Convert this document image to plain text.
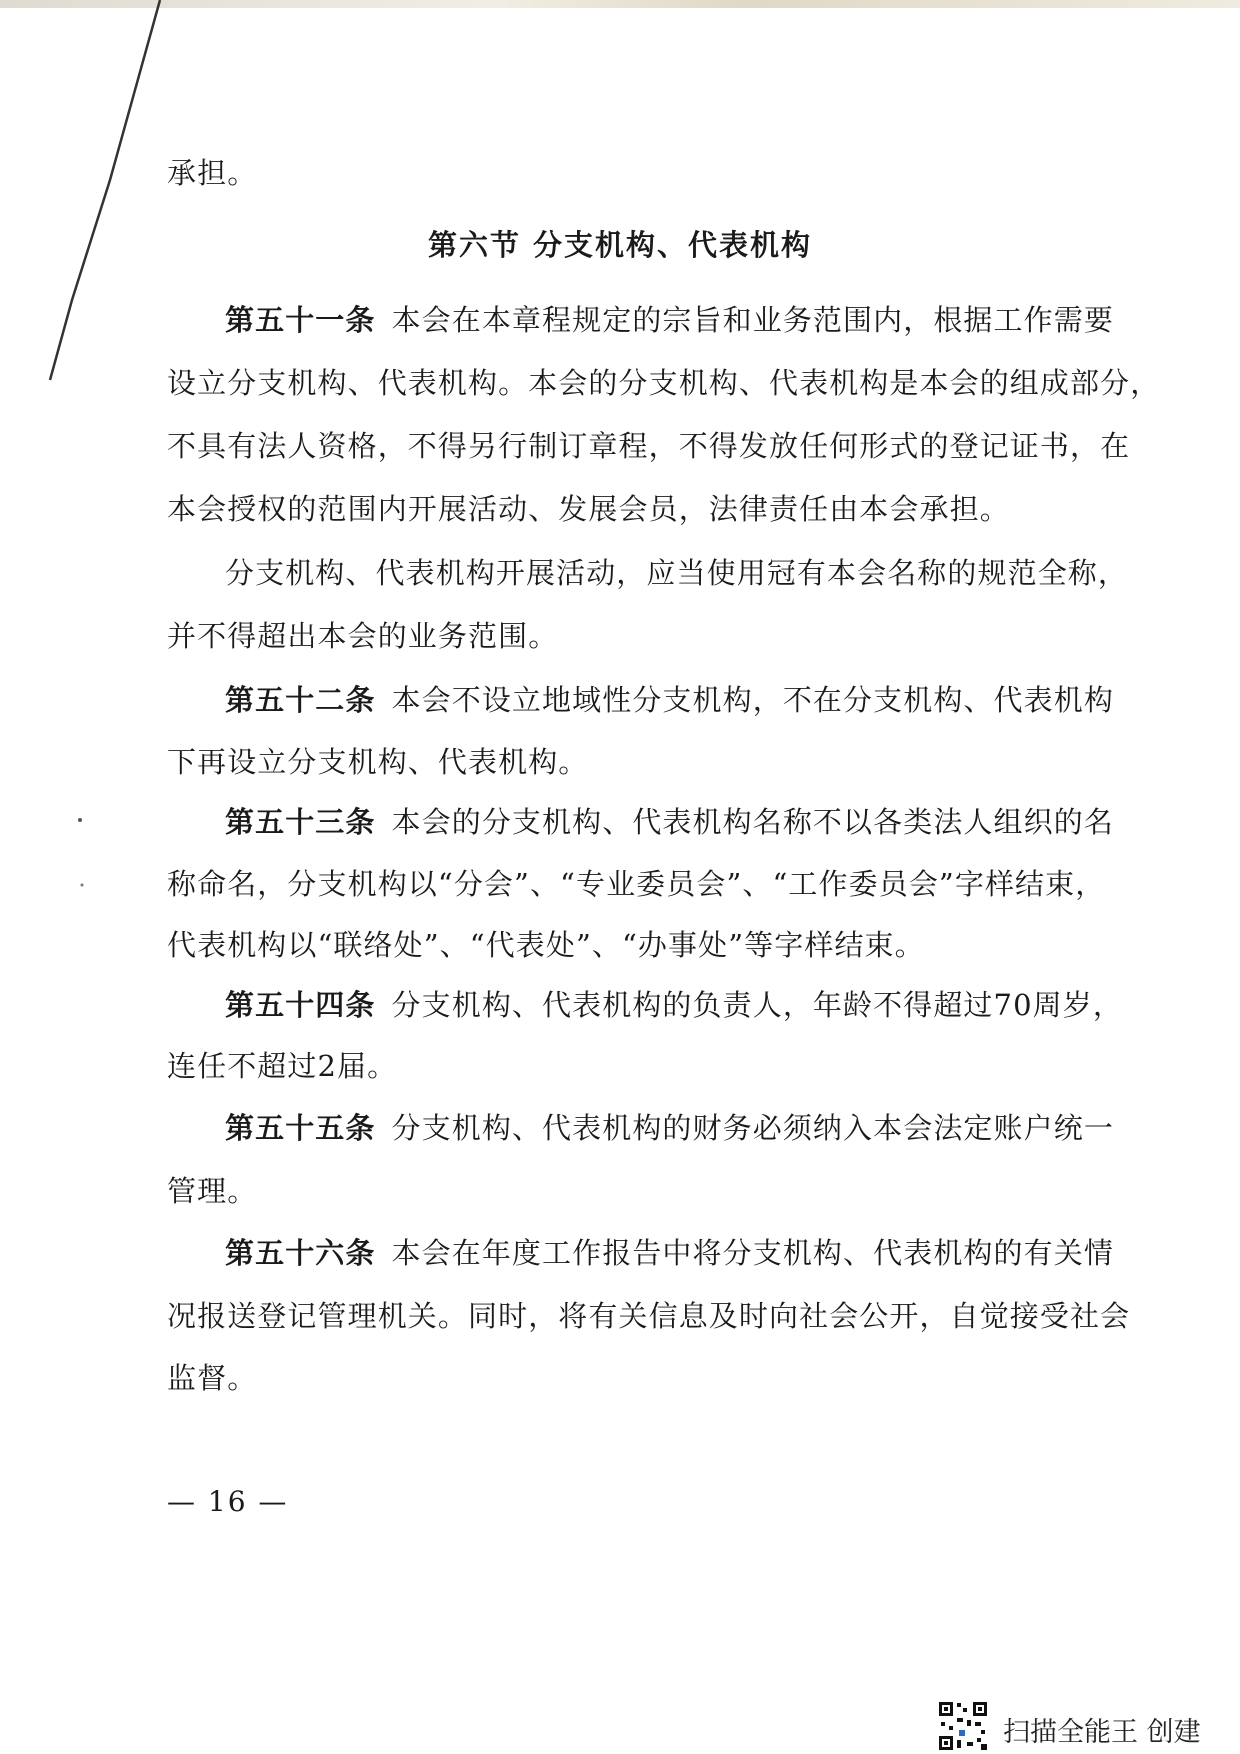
承担。
第六节 分支机构、代表机构
第五十一条 本会在本章程规定的宗旨和业务范围内，根据工作需要
设立分支机构、代表机构。本会的分支机构、代表机构是本会的组成部分，
不具有法人资格，不得另行制订章程，不得发放任何形式的登记证书，在
本会授权的范围内开展活动、发展会员，法律责任由本会承担。
分支机构、代表机构开展活动，应当使用冠有本会名称的规范全称，
并不得超出本会的业务范围。
第五十二条 本会不设立地域性分支机构，不在分支机构、代表机构
下再设立分支机构、代表机构。
第五十三条 本会的分支机构、代表机构名称不以各类法人组织的名
称命名，分支机构以“分会”、“专业委员会”、“工作委员会”字样结束，
代表机构以“联络处”、“代表处”、“办事处”等字样结束。
第五十四条 分支机构、代表机构的负责人，年龄不得超过70周岁，
连任不超过2届。
第五十五条 分支机构、代表机构的财务必须纳入本会法定账户统一
管理。
第五十六条 本会在年度工作报告中将分支机构、代表机构的有关情
况报送登记管理机关。同时，将有关信息及时向社会公开，自觉接受社会
监督。
— 16 —
扫描全能王 创建
